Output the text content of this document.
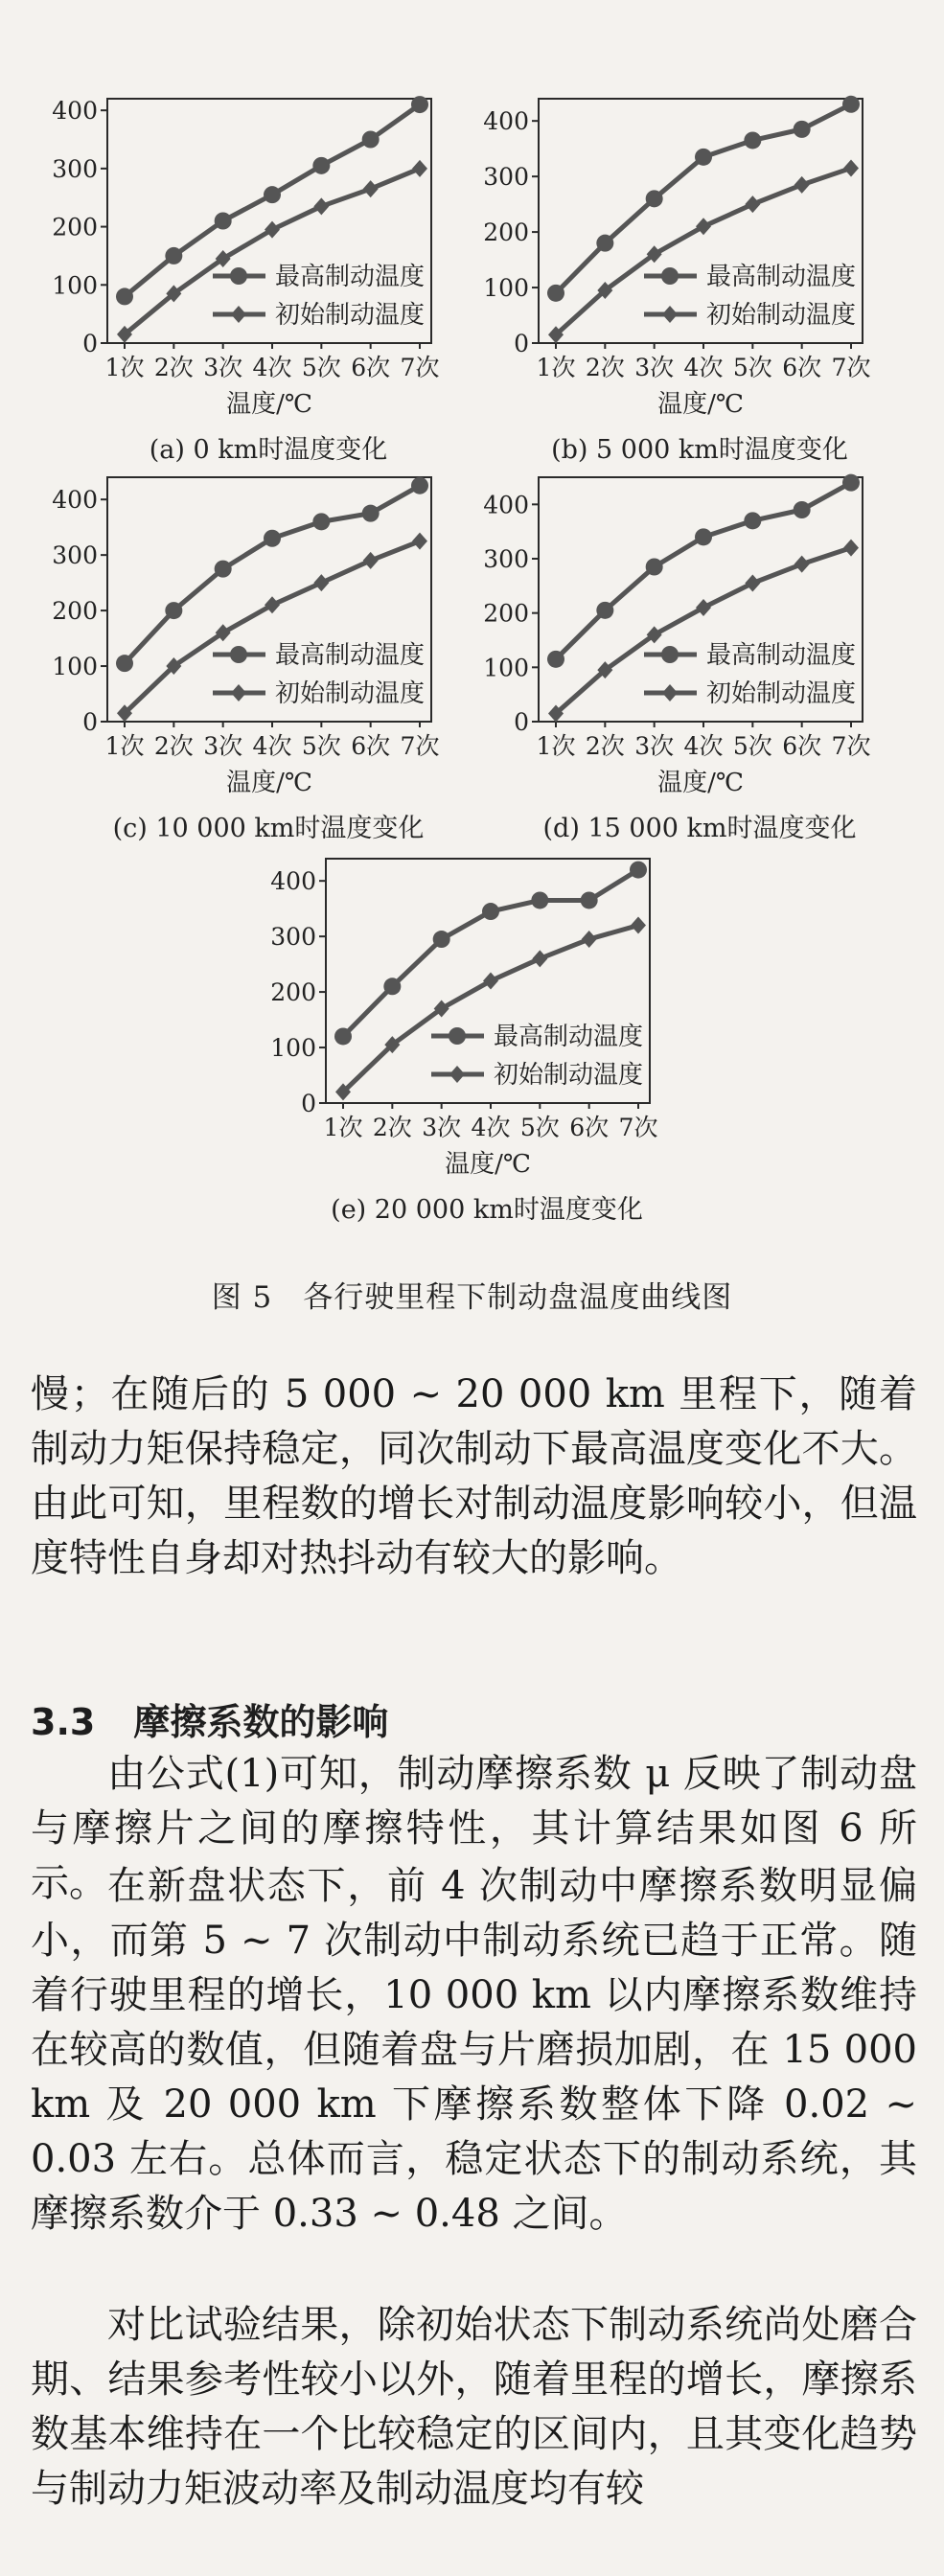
0
100
200
300
400
1次 2次 3次 4次 5次 6次 7次
温度/℃
(a) 0 km时温度变化
最高制动温度
初始制动温度
0
100
200
300
400
1次 2次 3次 4次 5次 6次 7次
温度/℃
(b) 5 000 km时温度变化
最高制动温度
初始制动温度
0
100
200
300
400
1次 2次 3次 4次 5次 6次 7次
温度/℃
(c) 10 000 km时温度变化
最高制动温度
初始制动温度
0
100
200
300
400
1次 2次 3次 4次 5次 6次 7次
温度/℃
(d) 15 000 km时温度变化
最高制动温度
初始制动温度
0
100
200
300
400
1次 2次 3次 4次 5次 6次 7次
温度/℃
(e) 20 000 km时温度变化
最高制动温度
初始制动温度
图 5　各行驶里程下制动盘温度曲线图

慢；在随后的 5 000 ~ 20 000 km 里程下，随着制动力矩保持稳定，同次制动下最高温度变化不大。由此可知，里程数的增长对制动温度影响较小，但温度特性自身却对热抖动有较大的影响。

3.3 摩擦系数的影响

由公式(1)可知，制动摩擦系数 μ 反映了制动盘与摩擦片之间的摩擦特性，其计算结果如图 6 所示。 在新盘状态下，前 4 次制动中摩擦系数明显偏小，而第 5 ~ 7 次制动中制动系统已趋于正常。随着行驶里程的增长，10 000 km 以内摩擦系数维持在较高的数值，但随着盘与片磨损加剧，在 15 000 km 及 20 000 km 下摩擦系数整体下降 0.02 ~ 0.03 左右。总体而言，稳定状态下的制动系统，其摩擦系数介于 0.33 ~ 0.48 之间。

对比试验结果，除初始状态下制动系统尚处磨合期、结果参考性较小以外，随着里程的增长，摩擦系数基本维持在一个比较稳定的区间内，且其变化趋势与制动力矩波动率及制动温度均有较
